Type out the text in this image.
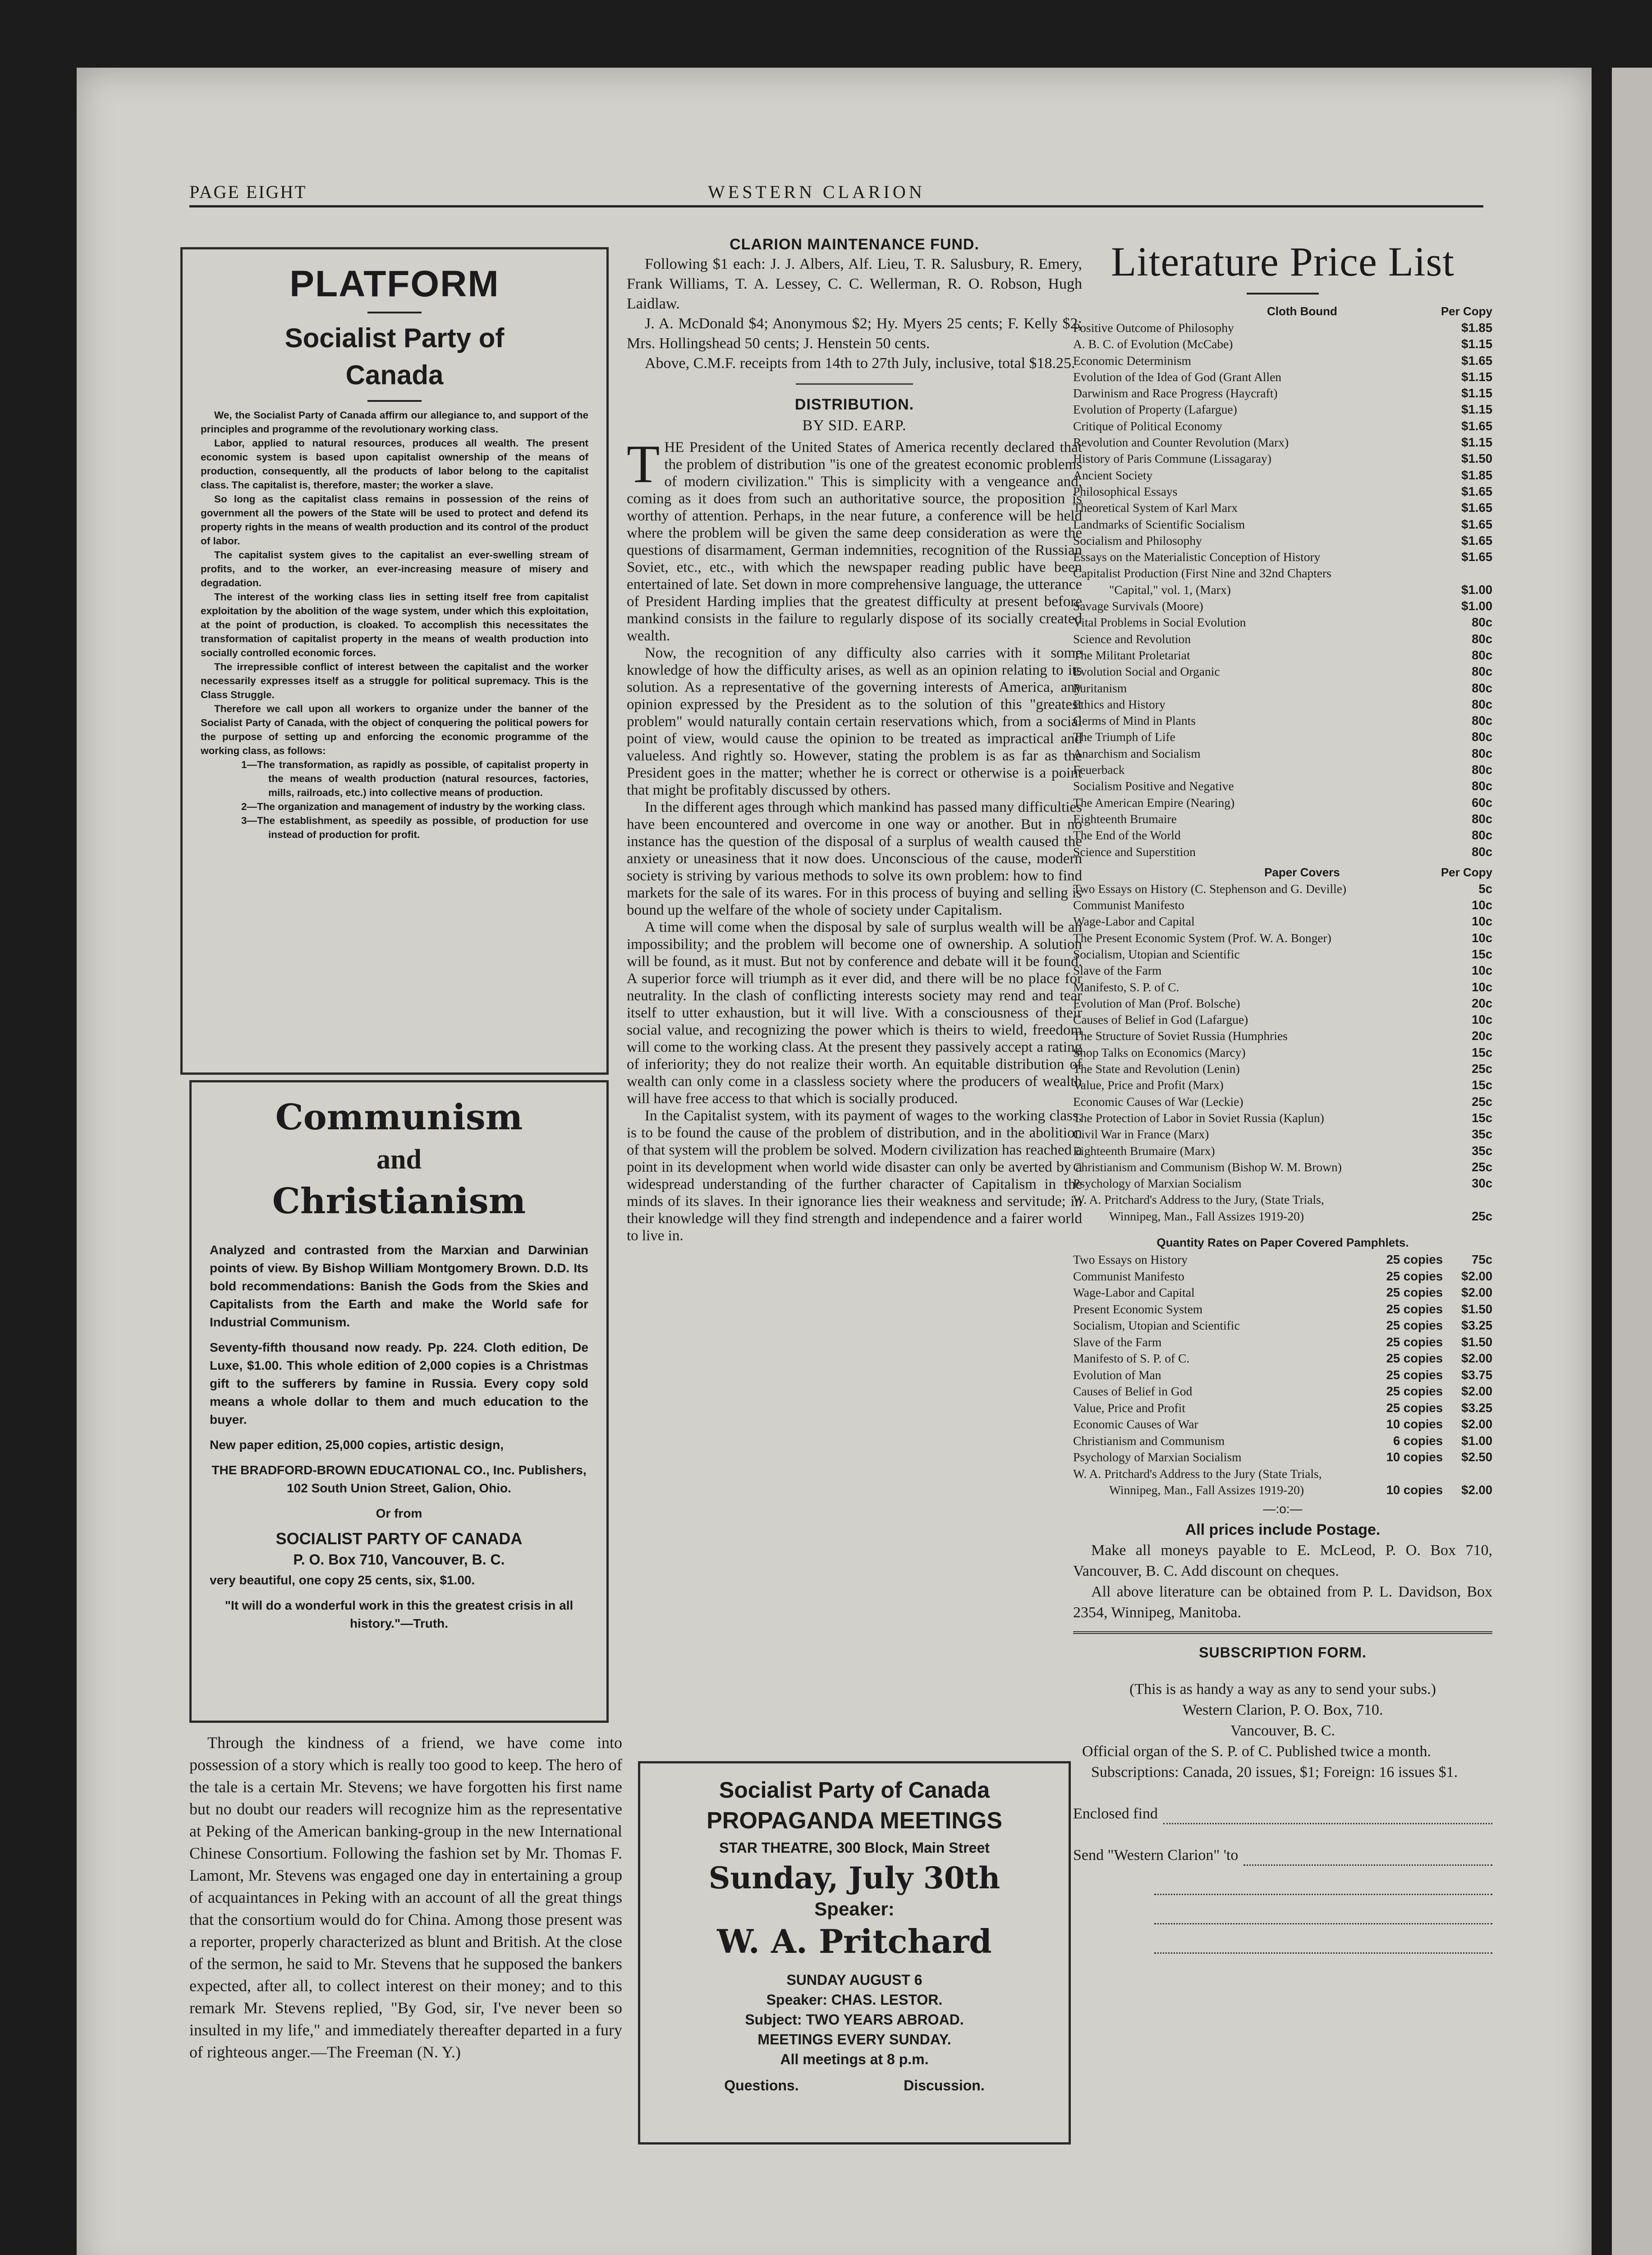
PAGE EIGHT	WESTERN CLARION
PLATFORM
Socialist Party of Canada

We, the Socialist Party of Canada affirm our allegiance to, and support of the principles and programme of the revolutionary working class.

Labor, applied to natural resources, produces all wealth. The present economic system is based upon capitalist ownership of the means of production, consequently, all the products of labor belong to the capitalist class. The capitalist is, therefore, master; the worker a slave.

So long as the capitalist class remains in possession of the reins of government all the powers of the State will be used to protect and defend its property rights in the means of wealth production and its control of the product of labor.

The capitalist system gives to the capitalist an ever-swelling stream of profits, and to the worker, an ever-increasing measure of misery and degradation.

The interest of the working class lies in setting itself free from capitalist exploitation by the abolition of the wage system, under which this exploitation, at the point of production, is cloaked. To accomplish this necessitates the transformation of capitalist property in the means of wealth production into socially controlled economic forces.

The irrepressible conflict of interest between the capitalist and the worker necessarily expresses itself as a struggle for political supremacy. This is the Class Struggle.

Therefore we call upon all workers to organize under the banner of the Socialist Party of Canada, with the object of conquering the political powers for the purpose of setting up and enforcing the economic programme of the working class, as follows:

1—The transformation, as rapidly as possible, of capitalist property in the means of wealth production (natural resources, factories, mills, railroads, etc.) into collective means of production.

2—The organization and management of industry by the working class.

3—The establishment, as speedily as possible, of production for use instead of production for profit.

Communism
and
Christianism

Analyzed and contrasted from the Marxian and Darwinian points of view. By Bishop William Montgomery Brown. D.D. Its bold recommendations: Banish the Gods from the Skies and Capitalists from the Earth and make the World safe for Industrial Communism.

Seventy-fifth thousand now ready. Pp. 224. Cloth edition, De Luxe, $1.00. This whole edition of 2,000 copies is a Christmas gift to the sufferers by famine in Russia. Every copy sold means a whole dollar to them and much education to the buyer.

New paper edition, 25,000 copies, artistic design,

THE BRADFORD-BROWN EDUCATIONAL CO., Inc. Publishers, 102 South Union Street, Galion, Ohio.

Or from

SOCIALIST PARTY OF CANADA

P. O. Box 710, Vancouver, B. C.

very beautiful, one copy 25 cents, six, $1.00.

"It will do a wonderful work in this the greatest crisis in all history."—Truth.

Through the kindness of a friend, we have come into possession of a story which is really too good to keep. The hero of the tale is a certain Mr. Stevens; we have forgotten his first name but no doubt our readers will recognize him as the representative at Peking of the American banking-group in the new International Chinese Consortium. Following the fashion set by Mr. Thomas F. Lamont, Mr. Stevens was engaged one day in entertaining a group of acquaintances in Peking with an account of all the great things that the consortium would do for China. Among those present was a reporter, properly characterized as blunt and British. At the close of the sermon, he said to Mr. Stevens that he supposed the bankers expected, after all, to collect interest on their money; and to this remark Mr. Stevens replied, "By God, sir, I've never been so insulted in my life," and immediately thereafter departed in a fury of righteous anger.—The Freeman (N. Y.)

CLARION MAINTENANCE FUND.

Following $1 each: J. J. Albers, Alf. Lieu, T. R. Salusbury, R. Emery, Frank Williams, T. A. Lessey, C. C. Wellerman, R. O. Robson, Hugh Laidlaw.

J. A. McDonald $4; Anonymous $2; Hy. Myers 25 cents; F. Kelly $2; Mrs. Hollingshead 50 cents; J. Henstein 50 cents.

Above, C.M.F. receipts from 14th to 27th July, inclusive, total $18.25.

DISTRIBUTION.
BY SID. EARP.

THE President of the United States of America recently declared that the problem of distribution "is one of the greatest economic problems of modern civilization." This is simplicity with a vengeance and, coming as it does from such an authoritative source, the proposition is worthy of attention. Perhaps, in the near future, a conference will be held where the problem will be given the same deep consideration as were the questions of disarmament, German indemnities, recognition of the Russian Soviet, etc., etc., with which the newspaper reading public have been entertained of late. Set down in more comprehensive language, the utterance of President Harding implies that the greatest difficulty at present before mankind consists in the failure to regularly dispose of its socially created wealth.

Now, the recognition of any difficulty also carries with it some knowledge of how the difficulty arises, as well as an opinion relating to its solution. As a representative of the governing interests of America, any opinion expressed by the President as to the solution of this "greatest problem" would naturally contain certain reservations which, from a social point of view, would cause the opinion to be treated as impractical and valueless. And rightly so. However, stating the problem is as far as the President goes in the matter; whether he is correct or otherwise is a point that might be profitably discussed by others.

In the different ages through which mankind has passed many difficulties have been encountered and overcome in one way or another. But in no instance has the question of the disposal of a surplus of wealth caused the anxiety or uneasiness that it now does. Unconscious of the cause, modern society is striving by various methods to solve its own problem: how to find markets for the sale of its wares. For in this process of buying and selling is bound up the welfare of the whole of society under Capitalism.

A time will come when the disposal by sale of surplus wealth will be an impossibility; and the problem will become one of ownership. A solution will be found, as it must. But not by conference and debate will it be found. A superior force will triumph as it ever did, and there will be no place for neutrality. In the clash of conflicting interests society may rend and tear itself to utter exhaustion, but it will live. With a consciousness of their social value, and recognizing the power which is theirs to wield, freedom will come to the working class. At the present they passively accept a rating of inferiority; they do not realize their worth. An equitable distribution of wealth can only come in a classless society where the producers of wealth will have free access to that which is socially produced.

In the Capitalist system, with its payment of wages to the working class, is to be found the cause of the problem of distribution, and in the abolition of that system will the problem be solved. Modern civilization has reached a point in its development when world wide disaster can only be averted by a widespread understanding of the further character of Capitalism in the minds of its slaves. In their ignorance lies their weakness and servitude; in their knowledge will they find strength and independence and a fairer world to live in.

Socialist Party of Canada
PROPAGANDA MEETINGS
STAR THEATRE, 300 Block, Main Street
Sunday, July 30th
Speaker:
W. A. Pritchard
SUNDAY AUGUST 6
Speaker: CHAS. LESTOR.
Subject: TWO YEARS ABROAD.
MEETINGS EVERY SUNDAY.
All meetings at 8 p.m.
Questions.	Discussion.
Literature Price List
Cloth Bound	Per Copy
Positive Outcome of Philosophy	$1.85
A. B. C. of Evolution (McCabe)	$1.15
Economic Determinism	$1.65
Evolution of the Idea of God (Grant Allen	$1.15
Darwinism and Race Progress (Haycraft)	$1.15
Evolution of Property (Lafargue)	$1.15
Critique of Political Economy	$1.65
Revolution and Counter Revolution (Marx)	$1.15
History of Paris Commune (Lissagaray)	$1.50
Ancient Society	$1.85
Philosophical Essays	$1.65
Theoretical System of Karl Marx	$1.65
Landmarks of Scientific Socialism	$1.65
Socialism and Philosophy	$1.65
Essays on the Materialistic Conception of History	$1.65
Capitalist Production (First Nine and 32nd Chapters
"Capital," vol. 1, (Marx)	$1.00
Savage Survivals (Moore)	$1.00
Vital Problems in Social Evolution	80c
Science and Revolution	80c
The Militant Proletariat	80c
Evolution Social and Organic	80c
Puritanism	80c
Ethics and History	80c
Germs of Mind in Plants	80c
The Triumph of Life	80c
Anarchism and Socialism	80c
Feuerback	80c
Socialism Positive and Negative	80c
The American Empire (Nearing)	60c
Eighteenth Brumaire	80c
The End of the World	80c
Science and Superstition	80c
Paper Covers	Per Copy
Two Essays on History (C. Stephenson and G. Deville)	5c
Communist Manifesto	10c
Wage-Labor and Capital	10c
The Present Economic System (Prof. W. A. Bonger)	10c
Socialism, Utopian and Scientific	15c
Slave of the Farm	10c
Manifesto, S. P. of C.	10c
Evolution of Man (Prof. Bolsche)	20c
Causes of Belief in God (Lafargue)	10c
The Structure of Soviet Russia (Humphries	20c
Shop Talks on Economics (Marcy)	15c
The State and Revolution (Lenin)	25c
Value, Price and Profit (Marx)	15c
Economic Causes of War (Leckie)	25c
The Protection of Labor in Soviet Russia (Kaplun)	15c
Civil War in France (Marx)	35c
Eighteenth Brumaire (Marx)	35c
Christianism and Communism (Bishop W. M. Brown)	25c
Psychology of Marxian Socialism	30c
W. A. Pritchard's Address to the Jury, (State Trials,
Winnipeg, Man., Fall Assizes 1919-20)	25c
Quantity Rates on Paper Covered Pamphlets.
Two Essays on History	25 copies	75c
Communist Manifesto	25 copies	$2.00
Wage-Labor and Capital	25 copies	$2.00
Present Economic System	25 copies	$1.50
Socialism, Utopian and Scientific	25 copies	$3.25
Slave of the Farm	25 copies	$1.50
Manifesto of S. P. of C.	25 copies	$2.00
Evolution of Man	25 copies	$3.75
Causes of Belief in God	25 copies	$2.00
Value, Price and Profit	25 copies	$3.25
Economic Causes of War	10 copies	$2.00
Christianism and Communism	6 copies	$1.00
Psychology of Marxian Socialism	10 copies	$2.50
W. A. Pritchard's Address to the Jury (State Trials,
Winnipeg, Man., Fall Assizes 1919-20)	10 copies	$2.00

—:o:—

All prices include Postage.

Make all moneys payable to E. McLeod, P. O. Box 710, Vancouver, B. C. Add discount on cheques.

All above literature can be obtained from P. L. Davidson, Box 2354, Winnipeg, Manitoba.

SUBSCRIPTION FORM.

(This is as handy a way as any to send your subs.)

Western Clarion, P. O. Box, 710.

Vancouver, B. C.

Official organ of the S. P. of C. Published twice a month.

Subscriptions: Canada, 20 issues, $1; Foreign: 16 issues $1.

Enclosed find
Send "Western Clarion" 'to
